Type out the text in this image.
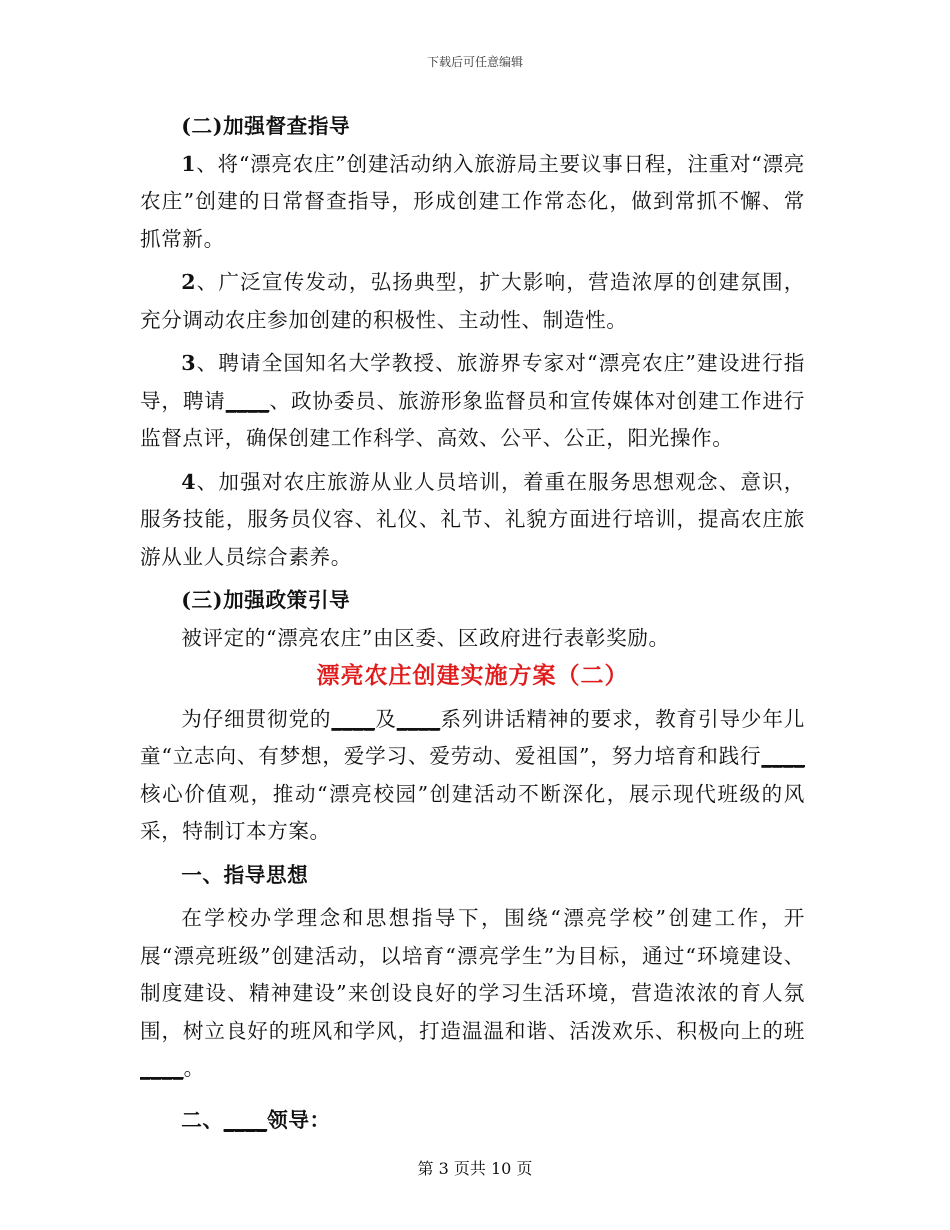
下载后可任意编辑

(二)加强督查指导

1、将“漂亮农庄”创建活动纳入旅游局主要议事日程，注重对“漂亮农庄”创建的日常督查指导，形成创建工作常态化，做到常抓不懈、常抓常新。

2、广泛宣传发动，弘扬典型，扩大影响，营造浓厚的创建氛围，充分调动农庄参加创建的积极性、主动性、制造性。

3、聘请全国知名大学教授、旅游界专家对“漂亮农庄”建设进行指导，聘请____、政协委员、旅游形象监督员和宣传媒体对创建工作进行监督点评，确保创建工作科学、高效、公平、公正，阳光操作。

4、加强对农庄旅游从业人员培训，着重在服务思想观念、意识，服务技能，服务员仪容、礼仪、礼节、礼貌方面进行培训，提高农庄旅游从业人员综合素养。

(三)加强政策引导

被评定的“漂亮农庄”由区委、区政府进行表彰奖励。

漂亮农庄创建实施方案（二）

为仔细贯彻党的____及____系列讲话精神的要求，教育引导少年儿童“立志向、有梦想，爱学习、爱劳动、爱祖国”，努力培育和践行____核心价值观，推动“漂亮校园”创建活动不断深化，展示现代班级的风采，特制订本方案。

一、指导思想

在学校办学理念和思想指导下，围绕“漂亮学校”创建工作，开展“漂亮班级”创建活动，以培育“漂亮学生”为目标，通过“环境建设、制度建设、精神建设”来创设良好的学习生活环境，营造浓浓的育人氛围，树立良好的班风和学风，打造温温和谐、活泼欢乐、积极向上的班____。

二、____领导：

第 3 页共 10 页
